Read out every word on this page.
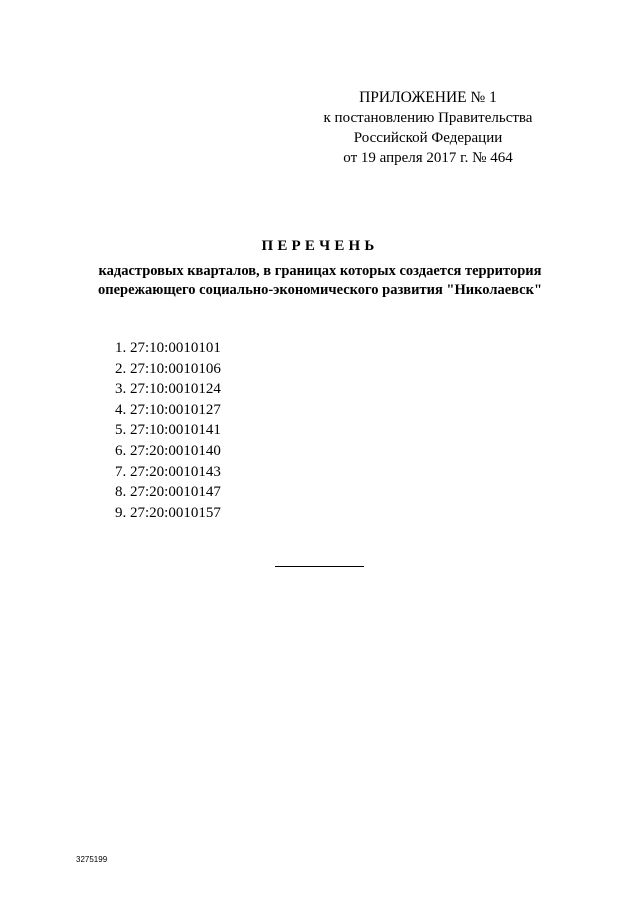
ПРИЛОЖЕНИЕ № 1
к постановлению Правительства
Российской Федерации
от 19 апреля 2017 г. № 464
ПЕРЕЧЕНЬ
кадастровых кварталов, в границах которых создается территория
опережающего социально-экономического развития "Николаевск"
1. 27:10:0010101
2. 27:10:0010106
3. 27:10:0010124
4. 27:10:0010127
5. 27:10:0010141
6. 27:20:0010140
7. 27:20:0010143
8. 27:20:0010147
9. 27:20:0010157
3275199
